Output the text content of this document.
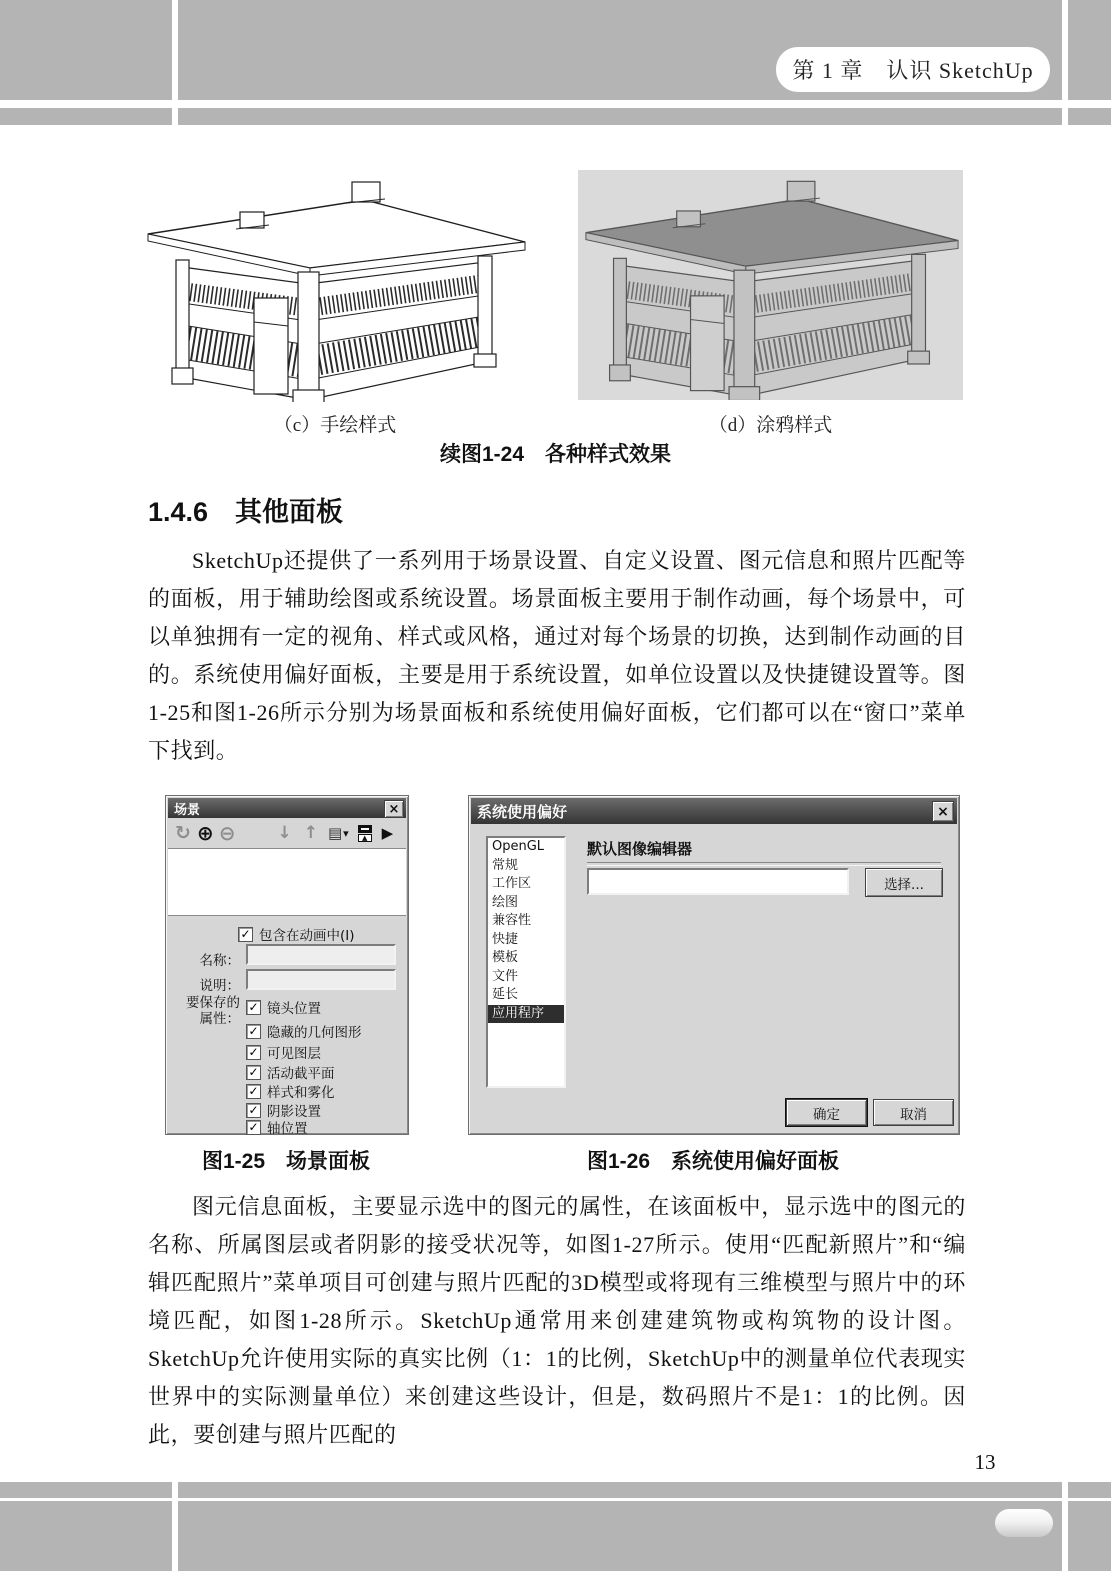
第 1 章　认识 SketchUp
（c）手绘样式	（d）涂鸦样式
续图1-24　各种样式效果
1.4.6　其他面板
SketchUp还提供了一系列用于场景设置、自定义设置、图元信息和照片匹配等的面板，用于辅助绘图或系统设置。场景面板主要用于制作动画，每个场景中，可以单独拥有一定的视角、样式或风格，通过对每个场景的切换，达到制作动画的目的。系统使用偏好面板，主要是用于系统设置，如单位设置以及快捷键设置等。图1-25和图1-26所示分别为场景面板和系统使用偏好面板，它们都可以在“窗口”菜单下找到。
场景	×
↻ ⊕ ⊖ ↓ ↑ ▤ ▾	▲ ▶
✓ 包含在动画中(I)
名称：
说明：
要保存的
属性：
✓ 镜头位置
✓ 隐藏的几何图形
✓ 可见图层
✓ 活动截平面
✓ 样式和雾化
✓ 阴影设置
✓ 轴位置
图1-25　场景面板
系统使用偏好	×
OpenGL
常规
工作区
绘图
兼容性
快捷
模板
文件
延长
应用程序
默认图像编辑器
选择...
确定	取消
图1-26　系统使用偏好面板
图元信息面板，主要显示选中的图元的属性，在该面板中，显示选中的图元的名称、所属图层或者阴影的接受状况等，如图1-27所示。使用“匹配新照片”和“编辑匹配照片”菜单项目可创建与照片匹配的3D模型或将现有三维模型与照片中的环境匹配，如图1-28所示。SketchUp通常用来创建建筑物或构筑物的设计图。SketchUp允许使用实际的真实比例（1：1的比例，SketchUp中的测量单位代表现实世界中的实际测量单位）来创建这些设计，但是，数码照片不是1：1的比例。因此，要创建与照片匹配的
13
